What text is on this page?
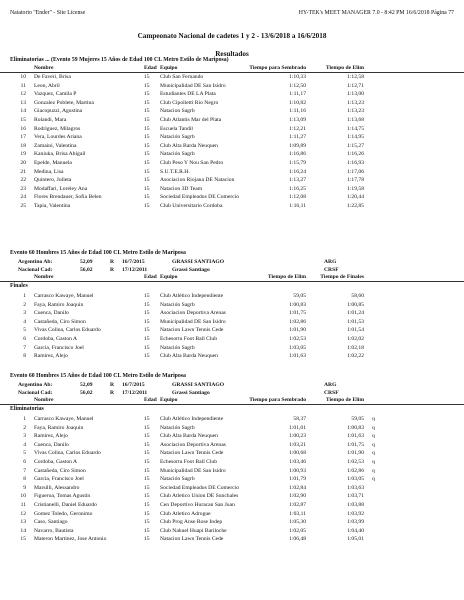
Natatorio "Ender" - Site License	HY-TEK's MEET MANAGER 7.0 - 8:42 PM 16/6/2018 Página 77
Campeonato Nacional de cadetes 1 y 2 - 13/6/2018 a 16/6/2018
Resultados
Eliminatorias ... (Evento 59 Mujeres 15 Años de Edad 100 CL Metro Estilo de Mariposa)
Nombre	Edad Equipo	Tiempo para Sembrado	Tiempo de Elim
10 De Faveri, Brisa	15 Club San Fernando	1:10,33	1:12,58
11 Leon, Abril	15 Municipalidad DE San Isidro	1:12,50	1:12,71
12 Vazquez, Camila P	15 Estudiantes DE LA Plata	1:11,17	1:13,00
13 Gonzalez Poblete, Martina	15 Club Cipolletti Rio Negro	1:10,82	1:13,23
14 Giacopuzzi, Agustina	15 Natacion Sagrb	1:11,16	1:13,23
15 Rolandi, Mara	15 Club Atlantis Mar del Plata	1:13,09	1:13,68
16 Rodriguez, Milagros	15 Escuela Tandil	1:12,21	1:14,75
17 Vera, Lourdes Ariana	15 Natación Sagrb	1:11,27	1:14,95
18 Zamaini, Valentina	15 Club Alta Barda Neuquen	1:09,89	1:15,27
19 Kaniuka, Brisa Abigail	15 Natación Sagrb	1:16,86	1:16,26
20 Epelde, Manuela	15 Club Peso Y Nou San Pedro	1:15,79	1:16,93
21 Medina, Lisa	15 S.U.T.E.R.H.	1:16,24	1:17,06
22 Quintero, Julieta	15 Asociacion Riojana DE Natacion	1:13,27	1:17,78
23 Modaffari, Loreley Ana	15 Natacion 3D Team	1:16,25	1:19,58
24 Flores Brendauer, Sofia Belen	15 Sociedad Empleados DE Comercio	1:12,08	1:20,44
25 Tapia, Valentina	15 Club Universitario Cordoba	1:16,11	1:22,85
Evento 60 Hombres 15 Años de Edad 100 CL Metro Estilo de Mariposa
Argentino Ab:	52,09	R 16/7/2015	GRASSI SANTIAGO	ARG
Nacional Cad:	56,02	R 17/12/2011	Grassi Santiago	CRSF
Nombre	Edad Equipo	Tiempo de Elim	Tiempo de Finales
Finales
1 Carrasco Kawaye, Manuel	15 Club Atlético Independiente	59,05	58,60
2 Faya, Ramiro Joaquin	15 Natación Sagrb	1:00,83	1:00,85
3 Cuenca, Danilo	15 Asociacion Deportiva Arenas	1:01,75	1:01,24
4 Castañeda, Ciro Simon	15 Municipalidad DE San Isidro	1:02,86	1:01,53
5 Vivas Colina, Carlos Eduardo	15 Natacion Lawn Tennis Cede	1:01,90	1:01,54
6 Cordoba, Gaston A	15 Echesortu Foot Ball Club	1:02,53	1:02,02
7 Garcia, Francisco Joel	15 Natación Sagrb	1:03,05	1:02,18
8 Ramirez, Alejo	15 Club Alta Barda Neuquen	1:01,63	1:02,22
Evento 60 Hombres 15 Años de Edad 100 CL Metro Estilo de Mariposa
Argentino Ab:	52,09	R 16/7/2015	GRASSI SANTIAGO	ARG
Nacional Cad:	56,02	R 17/12/2011	Grassi Santiago	CRSF
Nombre	Edad Equipo	Tiempo para Sembrado	Tiempo de Elim
Eliminatorias
1 Carrasco Kawaye, Manuel	15 Club Atlético Independiente	58,37	59,05 q
2 Faya, Ramiro Joaquin	15 Natación Sagrb	1:01,01	1:00,83 q
3 Ramirez, Alejo	15 Club Alta Barda Neuquen	1:00,23	1:01,63 q
4 Cuenca, Danilo	15 Asociacion Deportiva Arenas	1:03,21	1:01,75 q
5 Vivas Colina, Carlos Eduardo	15 Natacion Lawn Tennis Cede	1:00,68	1:01,90 q
6 Cordoba, Gaston A	15 Echesortu Foot Ball Club	1:03,46	1:02,53 q
7 Castañeda, Ciro Simon	15 Municipalidad DE San Isidro	1:00,93	1:02,86 q
8 Garcia, Francisco Joel	15 Natación Sagrb	1:01,79	1:03,05 q
9 Marsilli, Alessandro	15 Sociedad Empleados DE Comercio	1:02,84	1:03,63
10 Figueroa, Tomas Agustín	15 Club Atletico Union DE Sunchales	1:02,90	1:03,71
11 Cristianelli, Daniel Eduardo	15 Cen Deportivo Huracan San Juan	1:02,87	1:03,88
12 Gomez Toledo, Geronimo	15 Club Atletico Adrogue	1:03,11	1:03,92
13 Caso, Santiago	15 Club Prog Anse Rose Indep	1:05,30	1:03,99
14 Navarro, Bautista	15 Club Nahuel Huapi Bariloche	1:02,05	1:04,40
15 Materon Martinez, Jose Antonio	15 Natacion Lawn Tennis Cede	1:06,48	1:05,01
